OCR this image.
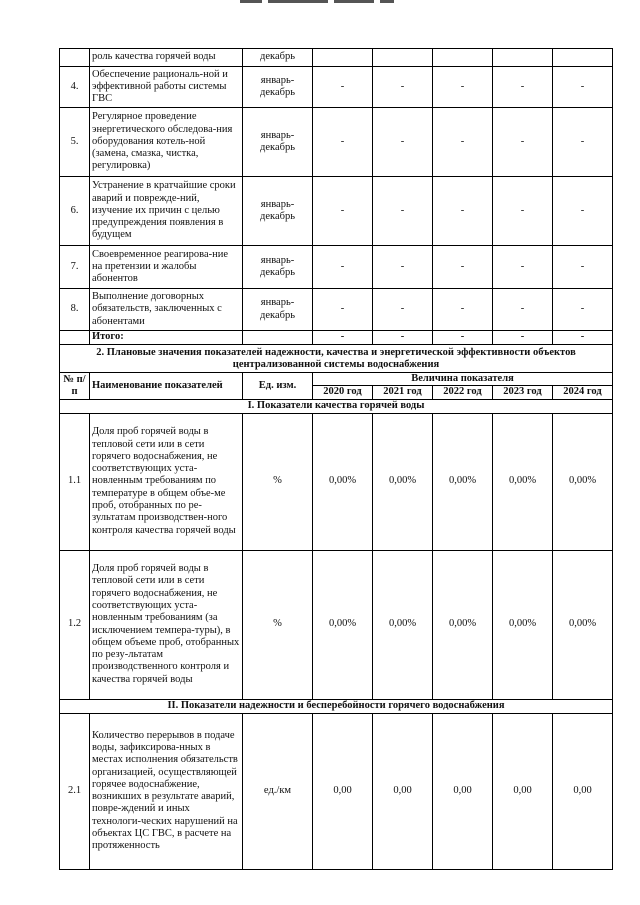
	роль качества горячей воды	декабрь					
4.	Обеспечение рациональ-ной и эффективной работы системы ГВС	январь-декабрь	-	-	-	-	-
5.	Регулярное проведение энергетического обследова-ния оборудования котель-ной (замена, смазка, чистка, регулировка)	январь-декабрь	-	-	-	-	-
6.	Устранение в кратчайшие сроки аварий и поврежде-ний, изучение их причин с целью предупреждения появления в будущем	январь-декабрь	-	-	-	-	-
7.	Своевременное реагирова-ние на претензии и жалобы абонентов	январь-декабрь	-	-	-	-	-
8.	Выполнение договорных обязательств, заключенных с абонентами	январь-декабрь	-	-	-	-	-
	Итого:		-	-	-	-	-
2. Плановые значения показателей надежности, качества и энергетической эффективности объектов централизованной системы водоснабжения							
№ п/п	Наименование показателей	Ед. изм.	Величина показателя				
			2020 год	2021 год	2022 год	2023 год	2024 год
I. Показатели качества горячей воды							
1.1	Доля проб горячей воды в тепловой сети или в сети горячего водоснабжения, не соответствующих уста-новленным требованиям по температуре в общем объе-ме проб, отобранных по ре-зультатам производствен-ного контроля качества горячей воды	%	0,00%	0,00%	0,00%	0,00%	0,00%
1.2	Доля проб горячей воды в тепловой сети или в сети горячего водоснабжения, не соответствующих уста-новленным требованиям (за исключением темпера-туры), в общем объеме проб, отобранных по резу-льтатам производственного контроля и качества горячей воды	%	0,00%	0,00%	0,00%	0,00%	0,00%
II. Показатели надежности и бесперебойности горячего водоснабжения							
2.1	Количество перерывов в подаче воды, зафиксирова-нных в местах исполнения обязательств организацией, осуществляющей горячее водоснабжение, возникших в результате аварий, повре-ждений и иных технологи-ческих нарушений на объектах ЦС ГВС, в расчете на протяженность	ед./км	0,00	0,00	0,00	0,00	0,00
